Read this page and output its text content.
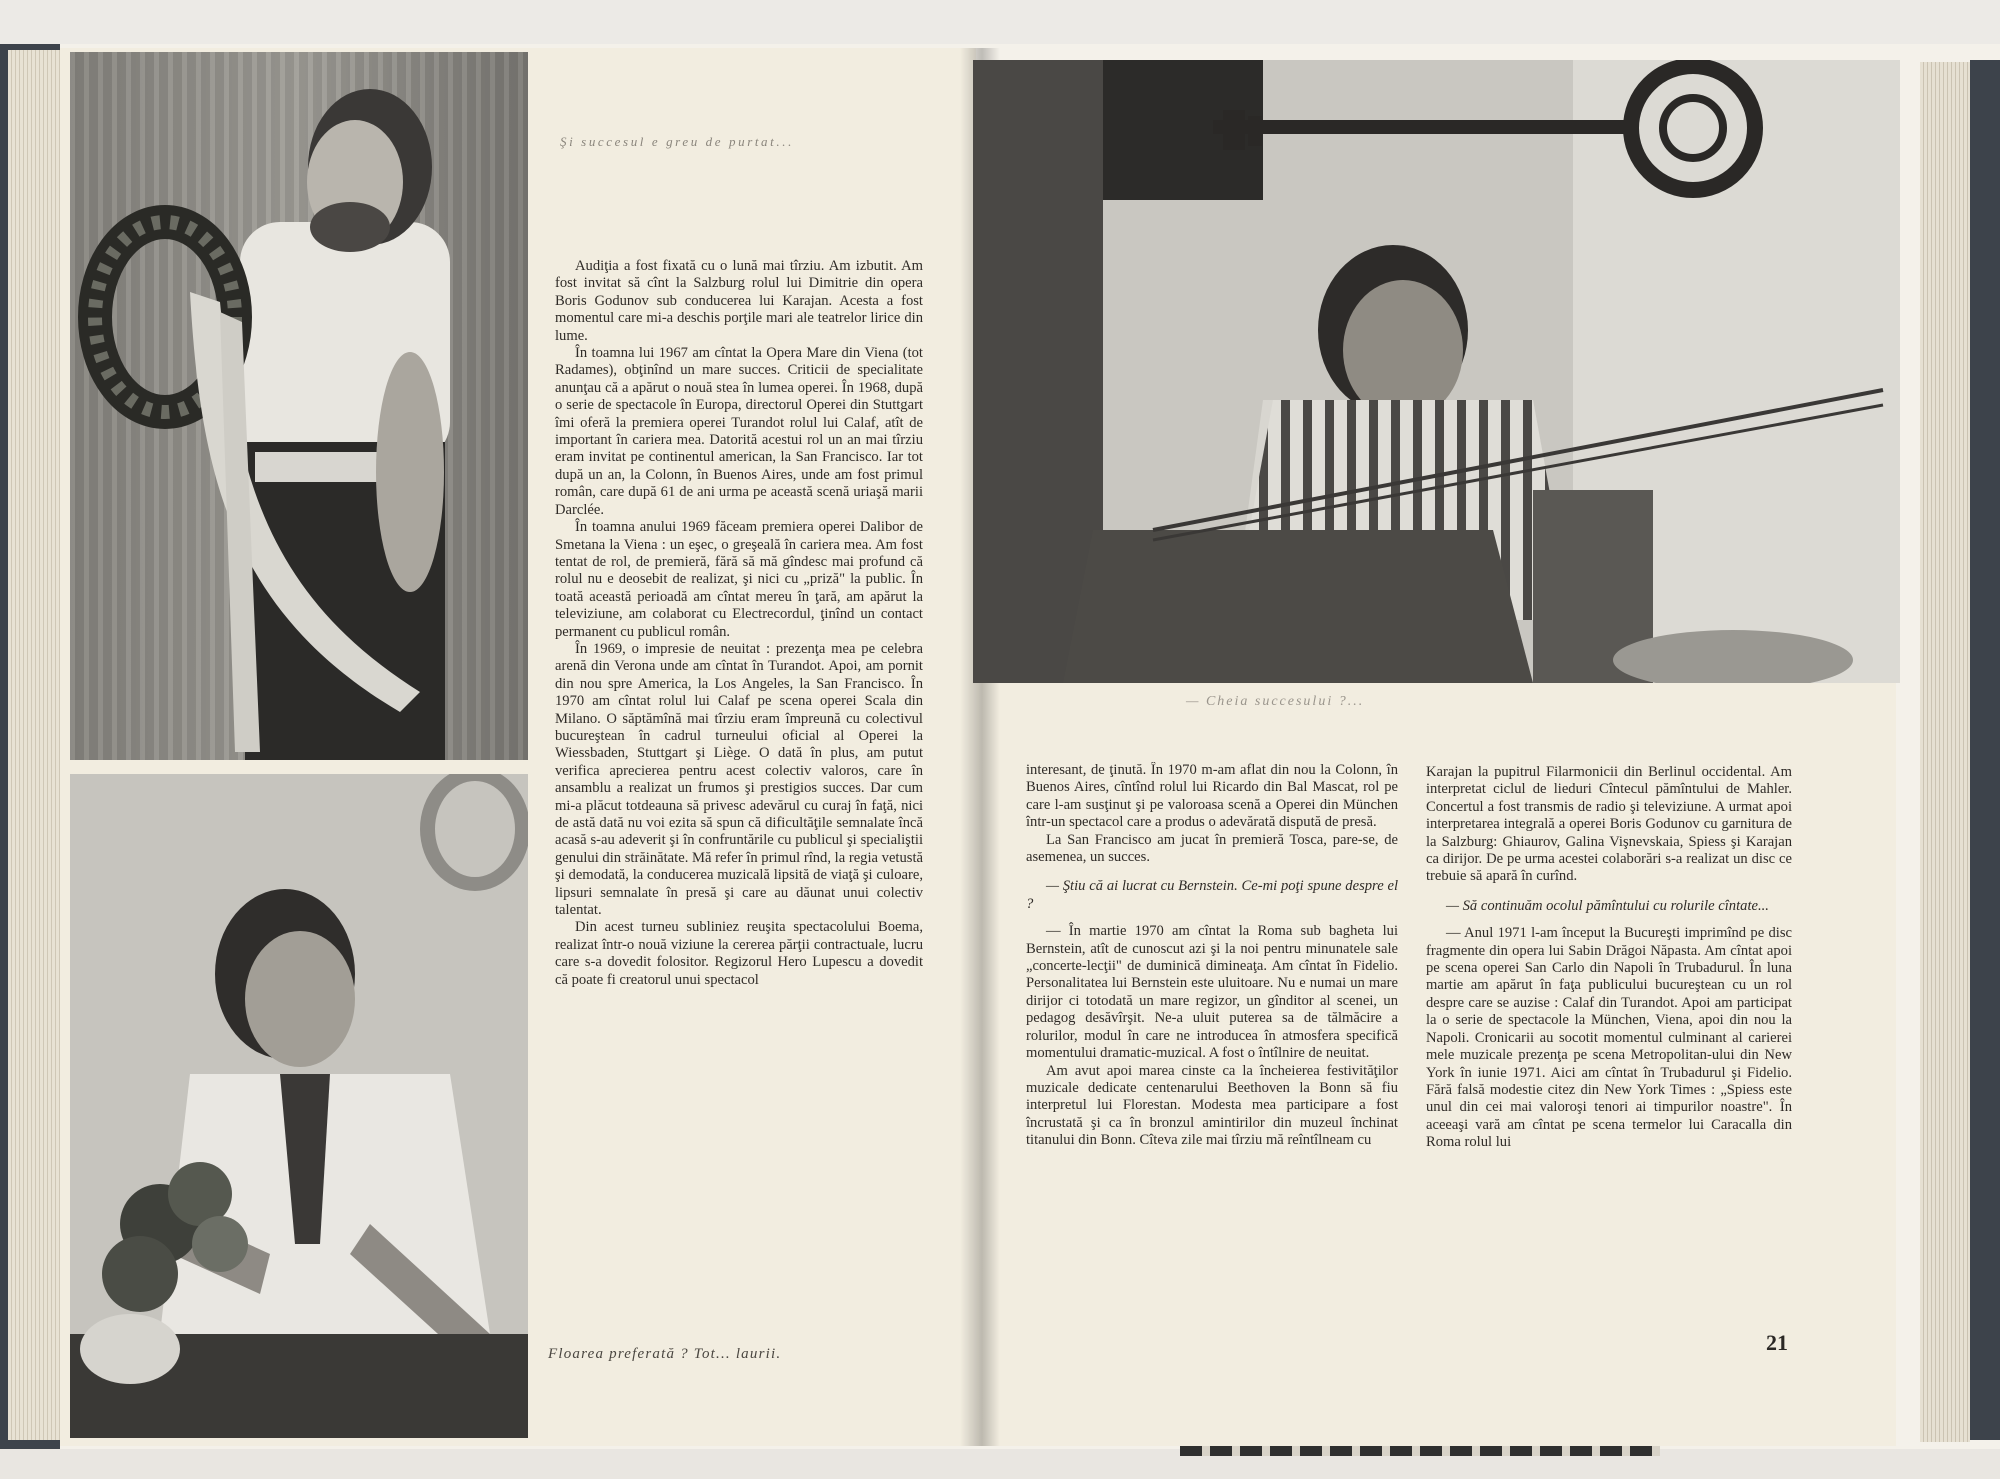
Şi succesul e greu de purtat...
— Cheia succesului ?...
Floarea preferată ? Tot... laurii.

Audiţia a fost fixată cu o lună mai tîrziu. Am izbutit. Am fost invitat să cînt la Salzburg rolul lui Dimitrie din opera Boris Godunov sub conducerea lui Karajan. Acesta a fost momentul care mi-a deschis porţile mari ale teatrelor lirice din lume.

În toamna lui 1967 am cîntat la Opera Mare din Viena (tot Radames), obţinînd un mare succes. Criticii de specialitate anunţau că a apărut o nouă stea în lumea operei. În 1968, după o serie de spectacole în Europa, directorul Operei din Stuttgart îmi oferă la premiera operei Turandot rolul lui Calaf, atît de important în cariera mea. Datorită acestui rol un an mai tîrziu eram invitat pe continentul american, la San Francisco. Iar tot după un an, la Colonn, în Buenos Aires, unde am fost primul român, care după 61 de ani urma pe această scenă uriaşă marii Darclée.

În toamna anului 1969 făceam premiera operei Dalibor de Smetana la Viena : un eşec, o greşeală în cariera mea. Am fost tentat de rol, de premieră, fără să mă gîndesc mai profund că rolul nu e deosebit de realizat, şi nici cu „priză" la public. În toată această perioadă am cîntat mereu în ţară, am apărut la televiziune, am colaborat cu Electrecordul, ţinînd un contact permanent cu publicul român.

În 1969, o impresie de neuitat : prezenţa mea pe celebra arenă din Verona unde am cîntat în Turandot. Apoi, am pornit din nou spre America, la Los Angeles, la San Francisco. În 1970 am cîntat rolul lui Calaf pe scena operei Scala din Milano. O săptămînă mai tîrziu eram împreună cu colectivul bucureştean în cadrul turneului oficial al Operei la Wiessbaden, Stuttgart şi Liège. O dată în plus, am putut verifica aprecierea pentru acest colectiv valoros, care în ansamblu a realizat un frumos şi prestigios succes. Dar cum mi-a plăcut totdeauna să privesc adevărul cu curaj în faţă, nici de astă dată nu voi ezita să spun că dificultăţile semnalate încă acasă s-au adeverit şi în confruntările cu publicul şi specialiştii genului din străinătate. Mă refer în primul rînd, la regia vetustă şi demodată, la conducerea muzicală lipsită de viaţă şi culoare, lipsuri semnalate în presă şi care au dăunat unui colectiv talentat.

Din acest turneu subliniez reuşita spectacolului Boema, realizat într-o nouă viziune la cererea părţii contractuale, lucru care s-a dovedit folositor. Regizorul Hero Lupescu a dovedit că poate fi creatorul unui spectacol

interesant, de ţinută. În 1970 m-am aflat din nou la Colonn, în Buenos Aires, cîntînd rolul lui Ricardo din Bal Mascat, rol pe care l-am susţinut şi pe valoroasa scenă a Operei din München într-un spectacol care a produs o adevărată dispută de presă.

La San Francisco am jucat în premieră Tosca, pare-se, de asemenea, un succes.

— Ştiu că ai lucrat cu Bernstein. Ce-mi poţi spune despre el ?

— În martie 1970 am cîntat la Roma sub bagheta lui Bernstein, atît de cunoscut azi şi la noi pentru minunatele sale „concerte-lecţii" de duminică dimineaţa. Am cîntat în Fidelio. Personalitatea lui Bernstein este uluitoare. Nu e numai un mare dirijor ci totodată un mare regizor, un gînditor al scenei, un pedagog desăvîrşit. Ne-a uluit puterea sa de tălmăcire a rolurilor, modul în care ne introducea în atmosfera specifică momentului dramatic-muzical. A fost o întîlnire de neuitat.

Am avut apoi marea cinste ca la încheierea festivităţilor muzicale dedicate centenarului Beethoven la Bonn să fiu interpretul lui Florestan. Modesta mea participare a fost încrustată şi ca în bronzul amintirilor din muzeul închinat titanului din Bonn. Cîteva zile mai tîrziu mă reîntîlneam cu

Karajan la pupitrul Filarmonicii din Berlinul occidental. Am interpretat ciclul de lieduri Cîntecul pămîntului de Mahler. Concertul a fost transmis de radio şi televiziune. A urmat apoi interpretarea integrală a operei Boris Godunov cu garnitura de la Salzburg: Ghiaurov, Galina Vişnevskaia, Spiess şi Karajan ca dirijor. De pe urma acestei colaborări s-a realizat un disc ce trebuie să apară în curînd.

— Să continuăm ocolul pămîntului cu rolurile cîntate...

— Anul 1971 l-am început la Bucureşti imprimînd pe disc fragmente din opera lui Sabin Drăgoi Năpasta. Am cîntat apoi pe scena operei San Carlo din Napoli în Trubadurul. În luna martie am apărut în faţa publicului bucureştean cu un rol despre care se auzise : Calaf din Turandot. Apoi am participat la o serie de spectacole la München, Viena, apoi din nou la Napoli. Cronicarii au socotit momentul culminant al carierei mele muzicale prezenţa pe scena Metropolitan-ului din New York în iunie 1971. Aici am cîntat în Trubadurul şi Fidelio. Fără falsă modestie citez din New York Times : „Spiess este unul din cei mai valoroşi tenori ai timpurilor noastre". În aceeaşi vară am cîntat pe scena termelor lui Caracalla din Roma rolul lui

21
